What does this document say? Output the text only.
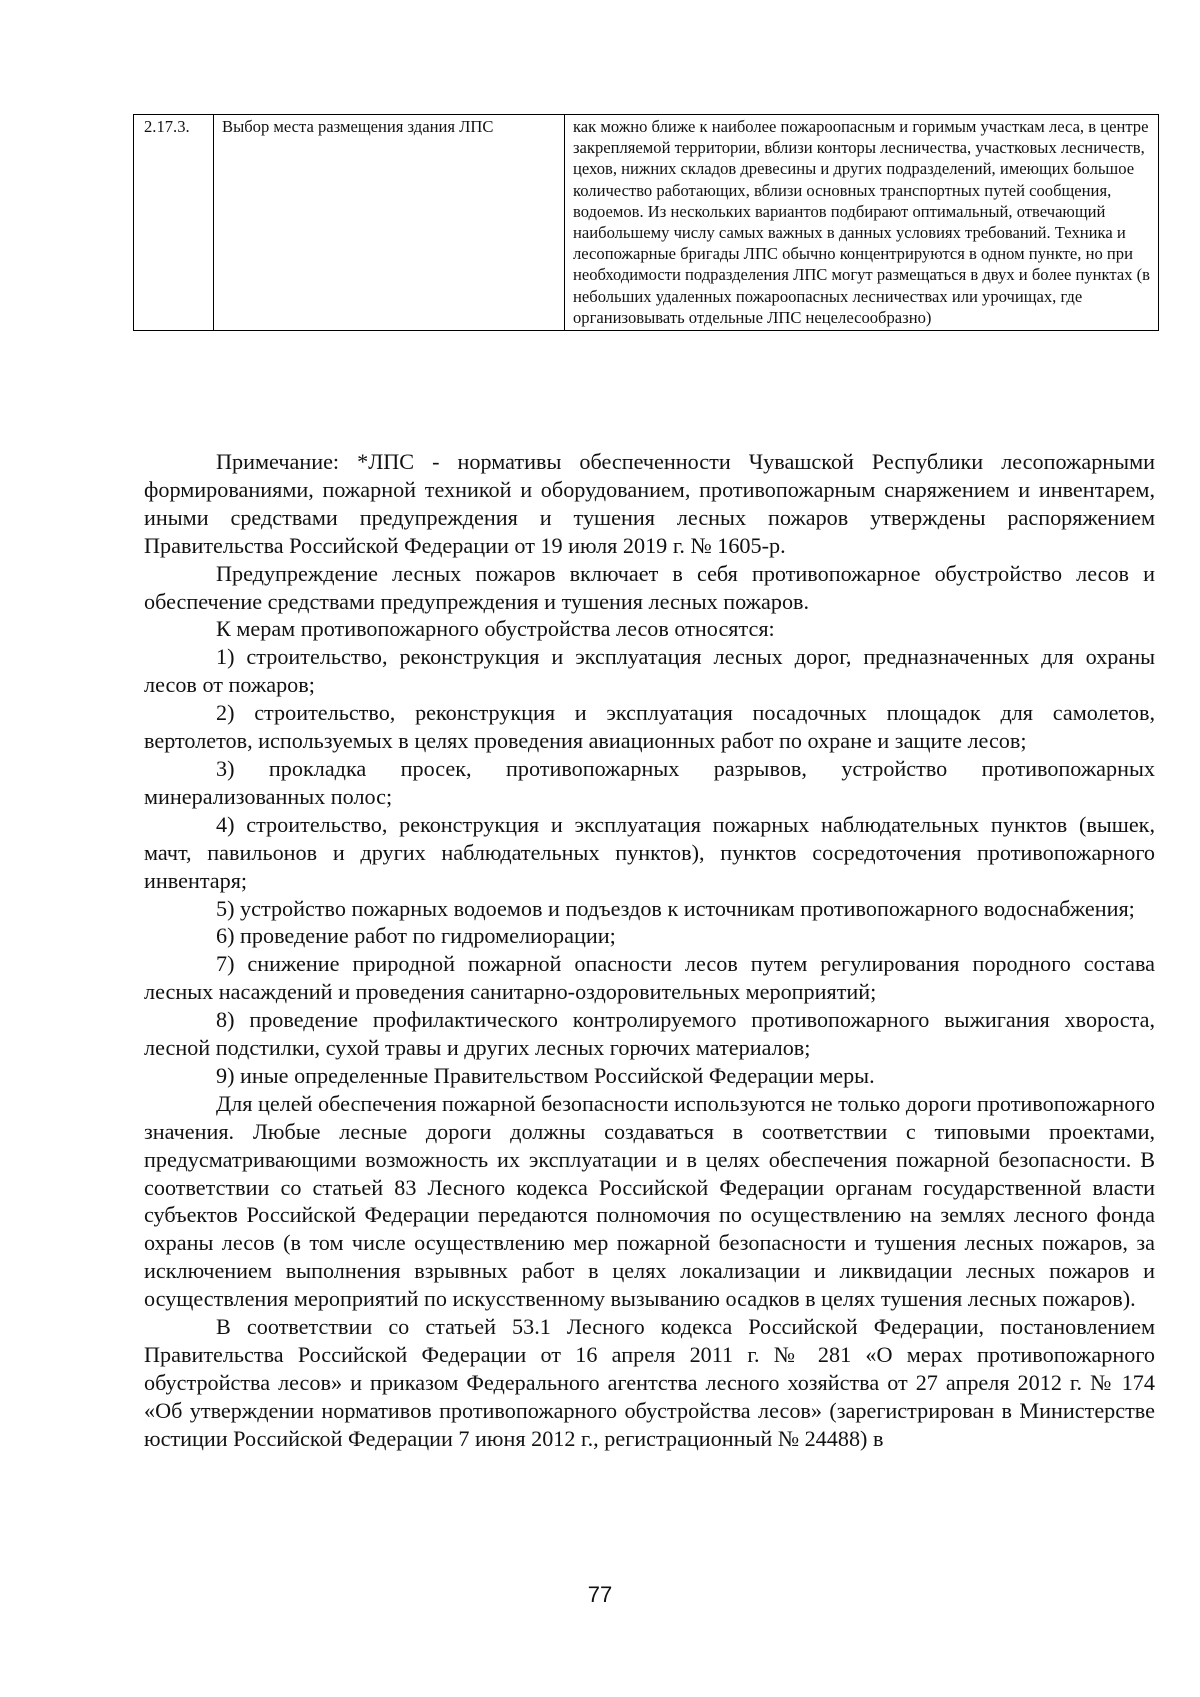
2.17.3.	Выбор места размещения здания ЛПС	как можно ближе к наиболее пожароопасным и горимым участкам леса, в центре закрепляемой территории, вблизи конторы лесничества, участковых лесничеств, цехов, нижних складов древесины и других подразделений, имеющих большое количество работающих, вблизи основных транспортных путей сообщения, водоемов. Из нескольких вариантов подбирают оптимальный, отвечающий наибольшему числу самых важных в данных условиях требований. Техника и лесопожарные бригады ЛПС обычно концентрируются в одном пункте, но при необходимости подразделения ЛПС могут размещаться в двух и более пунктах (в небольших удаленных пожароопасных лесничествах или урочищах, где организовывать отдельные ЛПС нецелесообразно)

Примечание: *ЛПС - нормативы обеспеченности Чувашской Республики лесопожарными формированиями, пожарной техникой и оборудованием, противопожарным снаряжением и инвентарем, иными средствами предупреждения и тушения лесных пожаров утверждены распоряжением Правительства Российской Федерации от 19 июля 2019 г. № 1605-р.

Предупреждение лесных пожаров включает в себя противопожарное обустройство лесов и обеспечение средствами предупреждения и тушения лесных пожаров.

К мерам противопожарного обустройства лесов относятся:

1) строительство, реконструкция и эксплуатация лесных дорог, предназначенных для охраны лесов от пожаров;

2) строительство, реконструкция и эксплуатация посадочных площадок для самолетов, вертолетов, используемых в целях проведения авиационных работ по охране и защите лесов;

3) прокладка просек, противопожарных разрывов, устройство противопожарных минерализованных полос;

4) строительство, реконструкция и эксплуатация пожарных наблюдательных пунктов (вышек, мачт, павильонов и других наблюдательных пунктов), пунктов сосредоточения противопожарного инвентаря;

5) устройство пожарных водоемов и подъездов к источникам противопожарного водоснабжения;

6) проведение работ по гидромелиорации;

7) снижение природной пожарной опасности лесов путем регулирования породного состава лесных насаждений и проведения санитарно-оздоровительных мероприятий;

8) проведение профилактического контролируемого противопожарного выжигания хвороста, лесной подстилки, сухой травы и других лесных горючих материалов;

9) иные определенные Правительством Российской Федерации меры.

Для целей обеспечения пожарной безопасности используются не только дороги противопожарного значения. Любые лесные дороги должны создаваться в соответствии с типовыми проектами, предусматривающими возможность их эксплуатации и в целях обеспечения пожарной безопасности. В соответствии со статьей 83 Лесного кодекса Российской Федерации органам государственной власти субъектов Российской Федерации передаются полномочия по осуществлению на землях лесного фонда охраны лесов (в том числе осуществлению мер пожарной безопасности и тушения лесных пожаров, за исключением выполнения взрывных работ в целях локализации и ликвидации лесных пожаров и осуществления мероприятий по искусственному вызыванию осадков в целях тушения лесных пожаров).

В соответствии со статьей 53.1 Лесного кодекса Российской Федерации, постановлением Правительства Российской Федерации от 16 апреля 2011 г. № 281 «О мерах противопожарного обустройства лесов» и приказом Федерального агентства лесного хозяйства от 27 апреля 2012 г. № 174 «Об утверждении нормативов противопожарного обустройства лесов» (зарегистрирован в Министерстве юстиции Российской Федерации 7 июня 2012 г., регистрационный № 24488) в

77
